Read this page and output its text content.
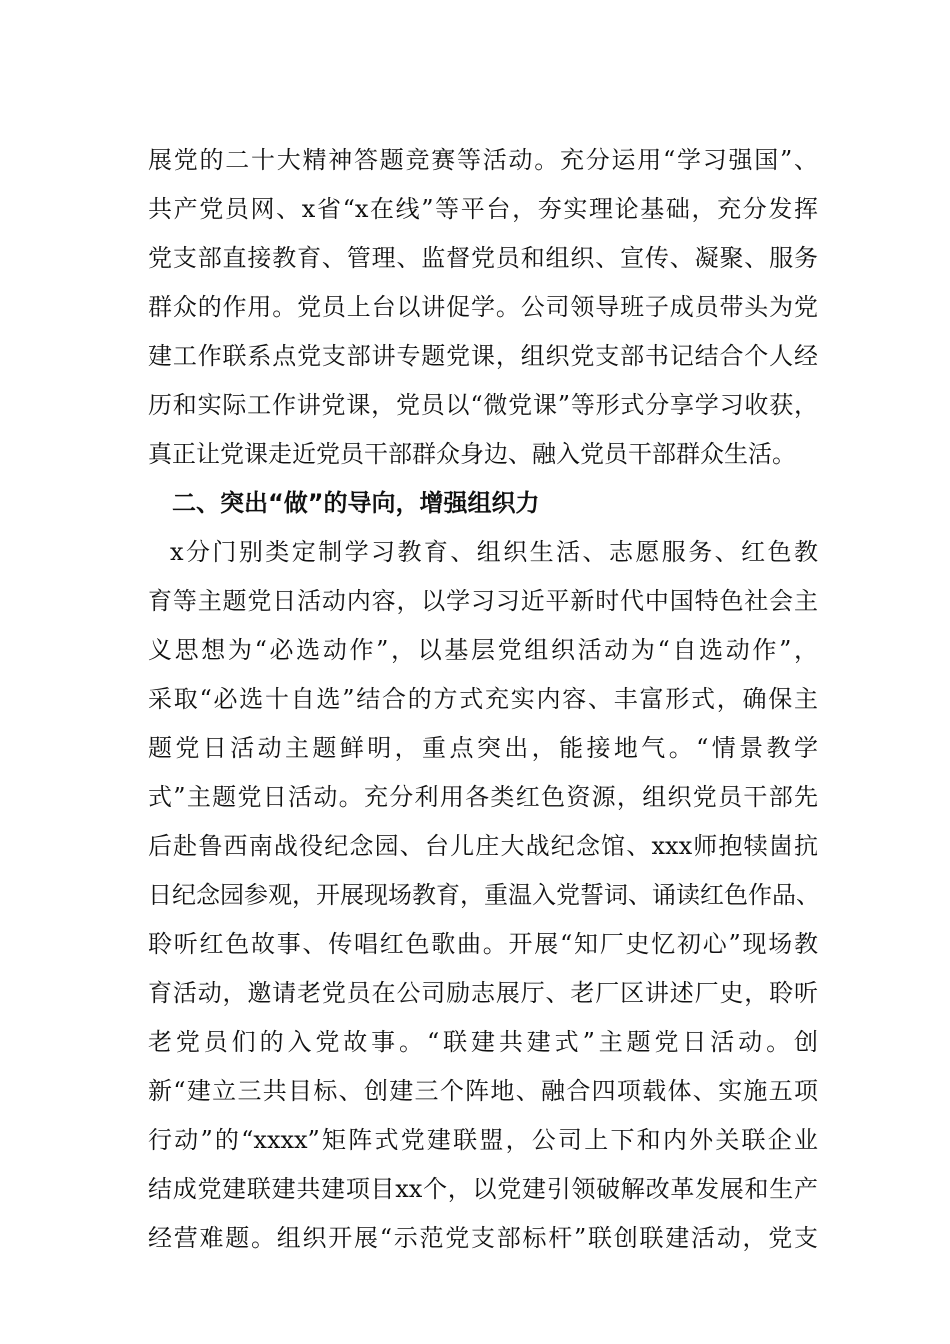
展党的二十大精神答题竞赛等活动。充分运用“学习强国”、
共产党员网、x省“x在线”等平台，夯实理论基础，充分发挥
党支部直接教育、管理、监督党员和组织、宣传、凝聚、服务
群众的作用。党员上台以讲促学。公司领导班子成员带头为党
建工作联系点党支部讲专题党课，组织党支部书记结合个人经
历和实际工作讲党课，党员以“微党课”等形式分享学习收获，
真正让党课走近党员干部群众身边、融入党员干部群众生活。
二、突出“做”的导向，增强组织力
x分门别类定制学习教育、组织生活、志愿服务、红色教
育等主题党日活动内容，以学习习近平新时代中国特色社会主
义思想为“必选动作”，以基层党组织活动为“自选动作”，
采取“必选十自选”结合的方式充实内容、丰富形式，确保主
题党日活动主题鲜明，重点突出，能接地气。“情景教学
式”主题党日活动。充分利用各类红色资源，组织党员干部先
后赴鲁西南战役纪念园、台儿庄大战纪念馆、xxx师抱犊崮抗
日纪念园参观，开展现场教育，重温入党誓词、诵读红色作品、
聆听红色故事、传唱红色歌曲。开展“知厂史忆初心”现场教
育活动，邀请老党员在公司励志展厅、老厂区讲述厂史，聆听
老党员们的入党故事。“联建共建式”主题党日活动。创
新“建立三共目标、创建三个阵地、融合四项载体、实施五项
行动”的“xxxx”矩阵式党建联盟，公司上下和内外关联企业
结成党建联建共建项目xx个，以党建引领破解改革发展和生产
经营难题。组织开展“示范党支部标杆”联创联建活动，党支
